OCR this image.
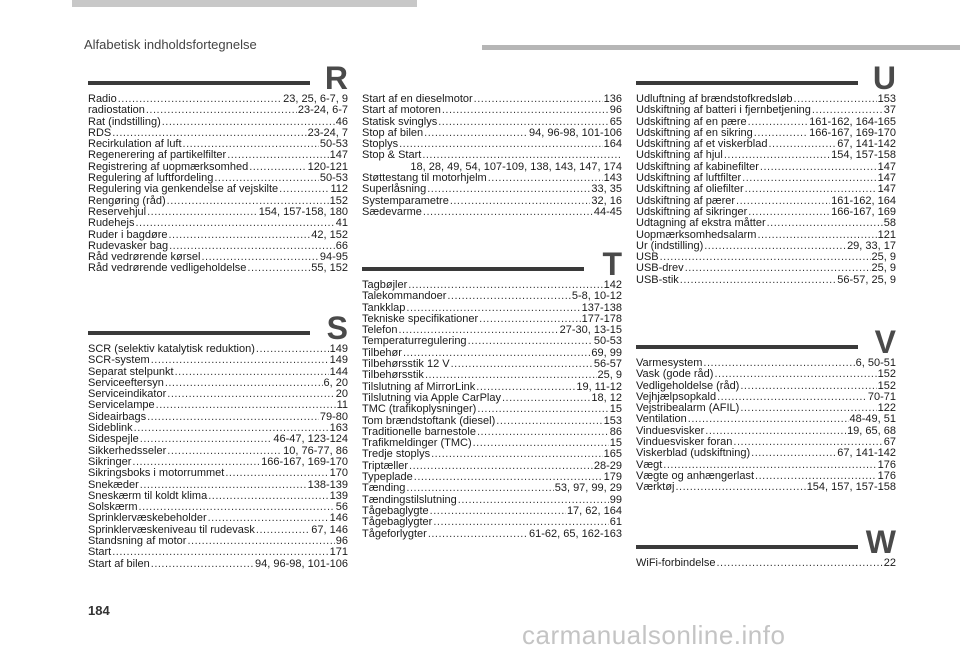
Alfabetisk indholdsfortegnelse
R
Radio .....	23, 25, 6-7, 9
radiostation .....	23-24, 6-7
Rat (indstilling) .....	46
RDS .....	23-24, 7
Recirkulation af luft .....	50-53
Regenerering af partikelfilter .....	147
Registrering af uopmærksomhed .....	120-121
Regulering af luftfordeling .....	50-53
Regulering via genkendelse af vejskilte .....	112
Rengøring (råd) .....	152
Reservehjul .....	154, 157-158, 180
Rudehejs .....	41
Ruder i bagdøre .....	42, 152
Rudevasker bag .....	66
Råd vedrørende kørsel .....	94-95
Råd vedrørende vedligeholdelse .....	55, 152
S
SCR (selektiv katalytisk reduktion) .....	149
SCR-system .....	149
Separat stelpunkt .....	144
Serviceeftersyn .....	6, 20
Serviceindikator .....	20
Servicelampe .....	11
Sideairbags .....	79-80
Sideblink .....	163
Sidespejle .....	46-47, 123-124
Sikkerhedsseler .....	10, 76-77, 86
Sikringer .....	166-167, 169-170
Sikringsboks i motorrummet .....	170
Snekæder .....	138-139
Sneskærm til koldt klima .....	139
Solskærm .....	56
Sprinklervæskebeholder .....	146
Sprinklervæskeniveau til rudevask .....	67, 146
Standsning af motor .....	96
Start .....	171
Start af bilen .....	94, 96-98, 101-106
Start af en dieselmotor .....	136
Start af motoren .....	96
Statisk svinglys .....	65
Stop af bilen .....	94, 96-98, 101-106
Stoplys .....	164
Stop & Start
.....
18, 28, 49, 54, 107-109, 138, 143, 147, 174
Støttestang til motorhjelm .....	143
Superlåsning .....	33, 35
Systemparametre .....	32, 16
Sædevarme .....	44-45
T
Tagbøjler .....	142
Talekommandoer .....	5-8, 10-12
Tankklap .....	137-138
Tekniske specifikationer .....	177-178
Telefon .....	27-30, 13-15
Temperaturregulering .....	50-53
Tilbehør .....	69, 99
Tilbehørsstik 12 V .....	56-57
Tilbehørsstik .....	25, 9
Tilslutning af MirrorLink .....	19, 11-12
Tilslutning via Apple CarPlay .....	18, 12
TMC (trafikoplysninger) .....	15
Tom brændstoftank (diesel) .....	153
Traditionelle barnestole .....	86
Trafikmeldinger (TMC) .....	15
Tredje stoplys .....	165
Triptæller .....	28-29
Typeplade .....	179
Tænding .....	53, 97, 99, 29
Tændingstilslutning .....	99
Tågebaglygte .....	17, 62, 164
Tågebaglygter .....	61
Tågeforlygter .....	61-62, 65, 162-163
U
Udluftning af brændstofkredsløb .....	153
Udskiftning af batteri i fjernbetjening .....	37
Udskiftning af en pære .....	161-162, 164-165
Udskiftning af en sikring .....	166-167, 169-170
Udskiftning af et viskerblad .....	67, 141-142
Udskiftning af hjul .....	154, 157-158
Udskiftning af kabinefilter .....	147
Udskiftning af luftfilter .....	147
Udskiftning af oliefilter .....	147
Udskiftning af pærer .....	161-162, 164
Udskiftning af sikringer .....	166-167, 169
Udtagning af ekstra måtter .....	58
Uopmærksomhedsalarm .....	121
Ur (indstilling) .....	29, 33, 17
USB .....	25, 9
USB-drev .....	25, 9
USB-stik .....	56-57, 25, 9
V
Varmesystem .....	6, 50-51
Vask (gode råd) .....	152
Vedligeholdelse (råd) .....	152
Vejhjælpsopkald .....	70-71
Vejstribealarm (AFIL) .....	122
Ventilation .....	48-49, 51
Vinduesvisker .....	19, 65, 68
Vinduesvisker foran .....	67
Viskerblad (udskiftning) .....	67, 141-142
Vægt .....	176
Vægte og anhængerlast .....	176
Værktøj .....	154, 157, 157-158
W
WiFi-forbindelse .....	22
184
carmanualsonline.info
